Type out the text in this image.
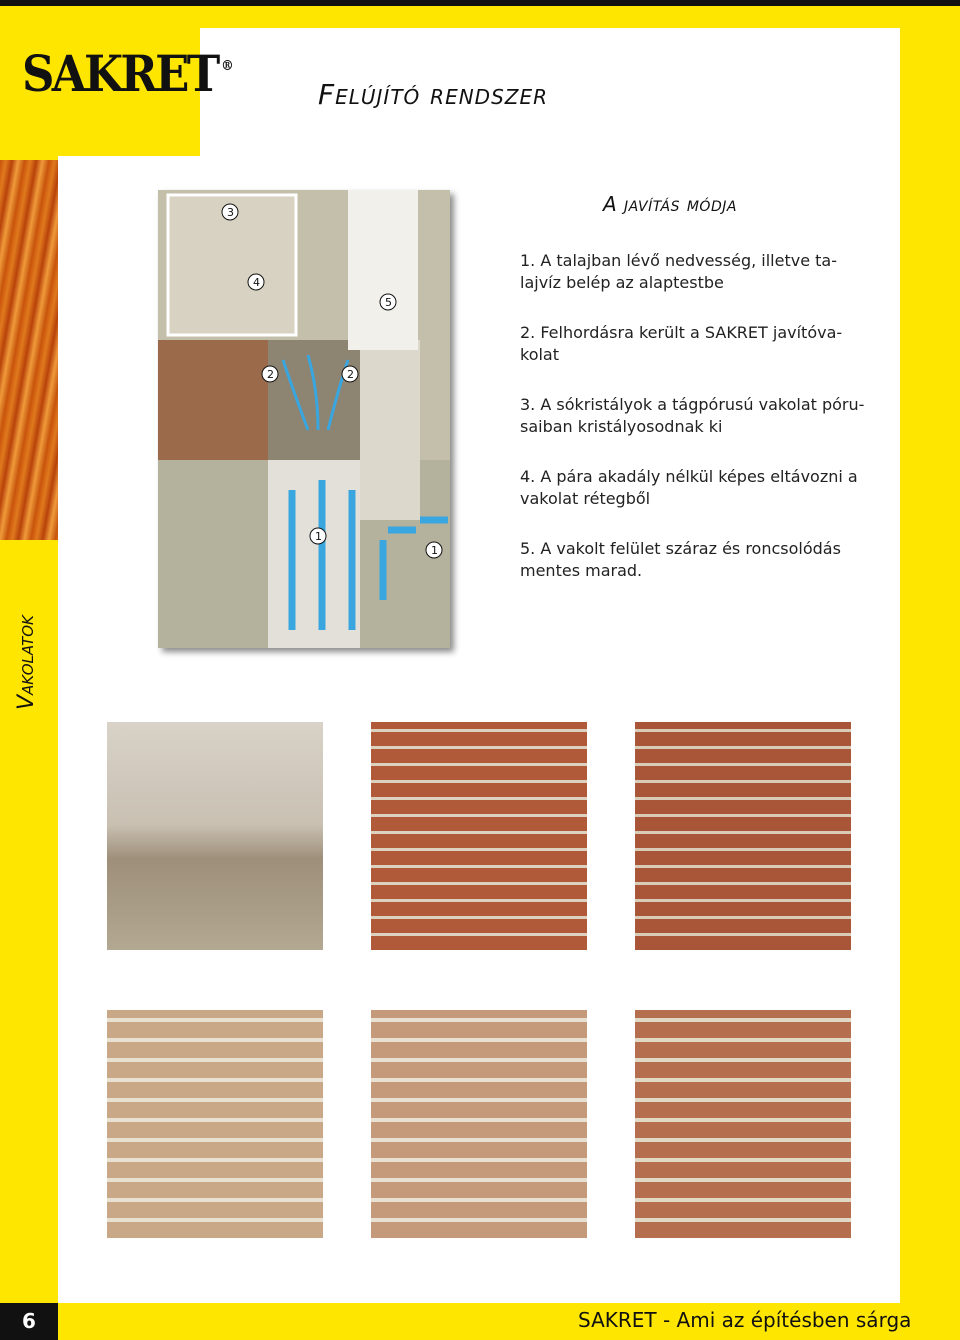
SAKRET ®
Felújító rendszer
Vakolatok
1
1
2	2
3
4
5
A javítás módja
1. A talajban lévő nedvesség, illetve ta-lajvíz belép az alaptestbe
2. Felhordásra került a SAKRET javítóva-kolat
3. A sókristályok a tágpórusú vakolat póru-saiban kristályosodnak ki
4. A pára akadály nélkül képes eltávozni a vakolat rétegből
5. A vakolt felület száraz és roncsolódás mentes marad.
6	SAKRET - Ami az építésben sárga
